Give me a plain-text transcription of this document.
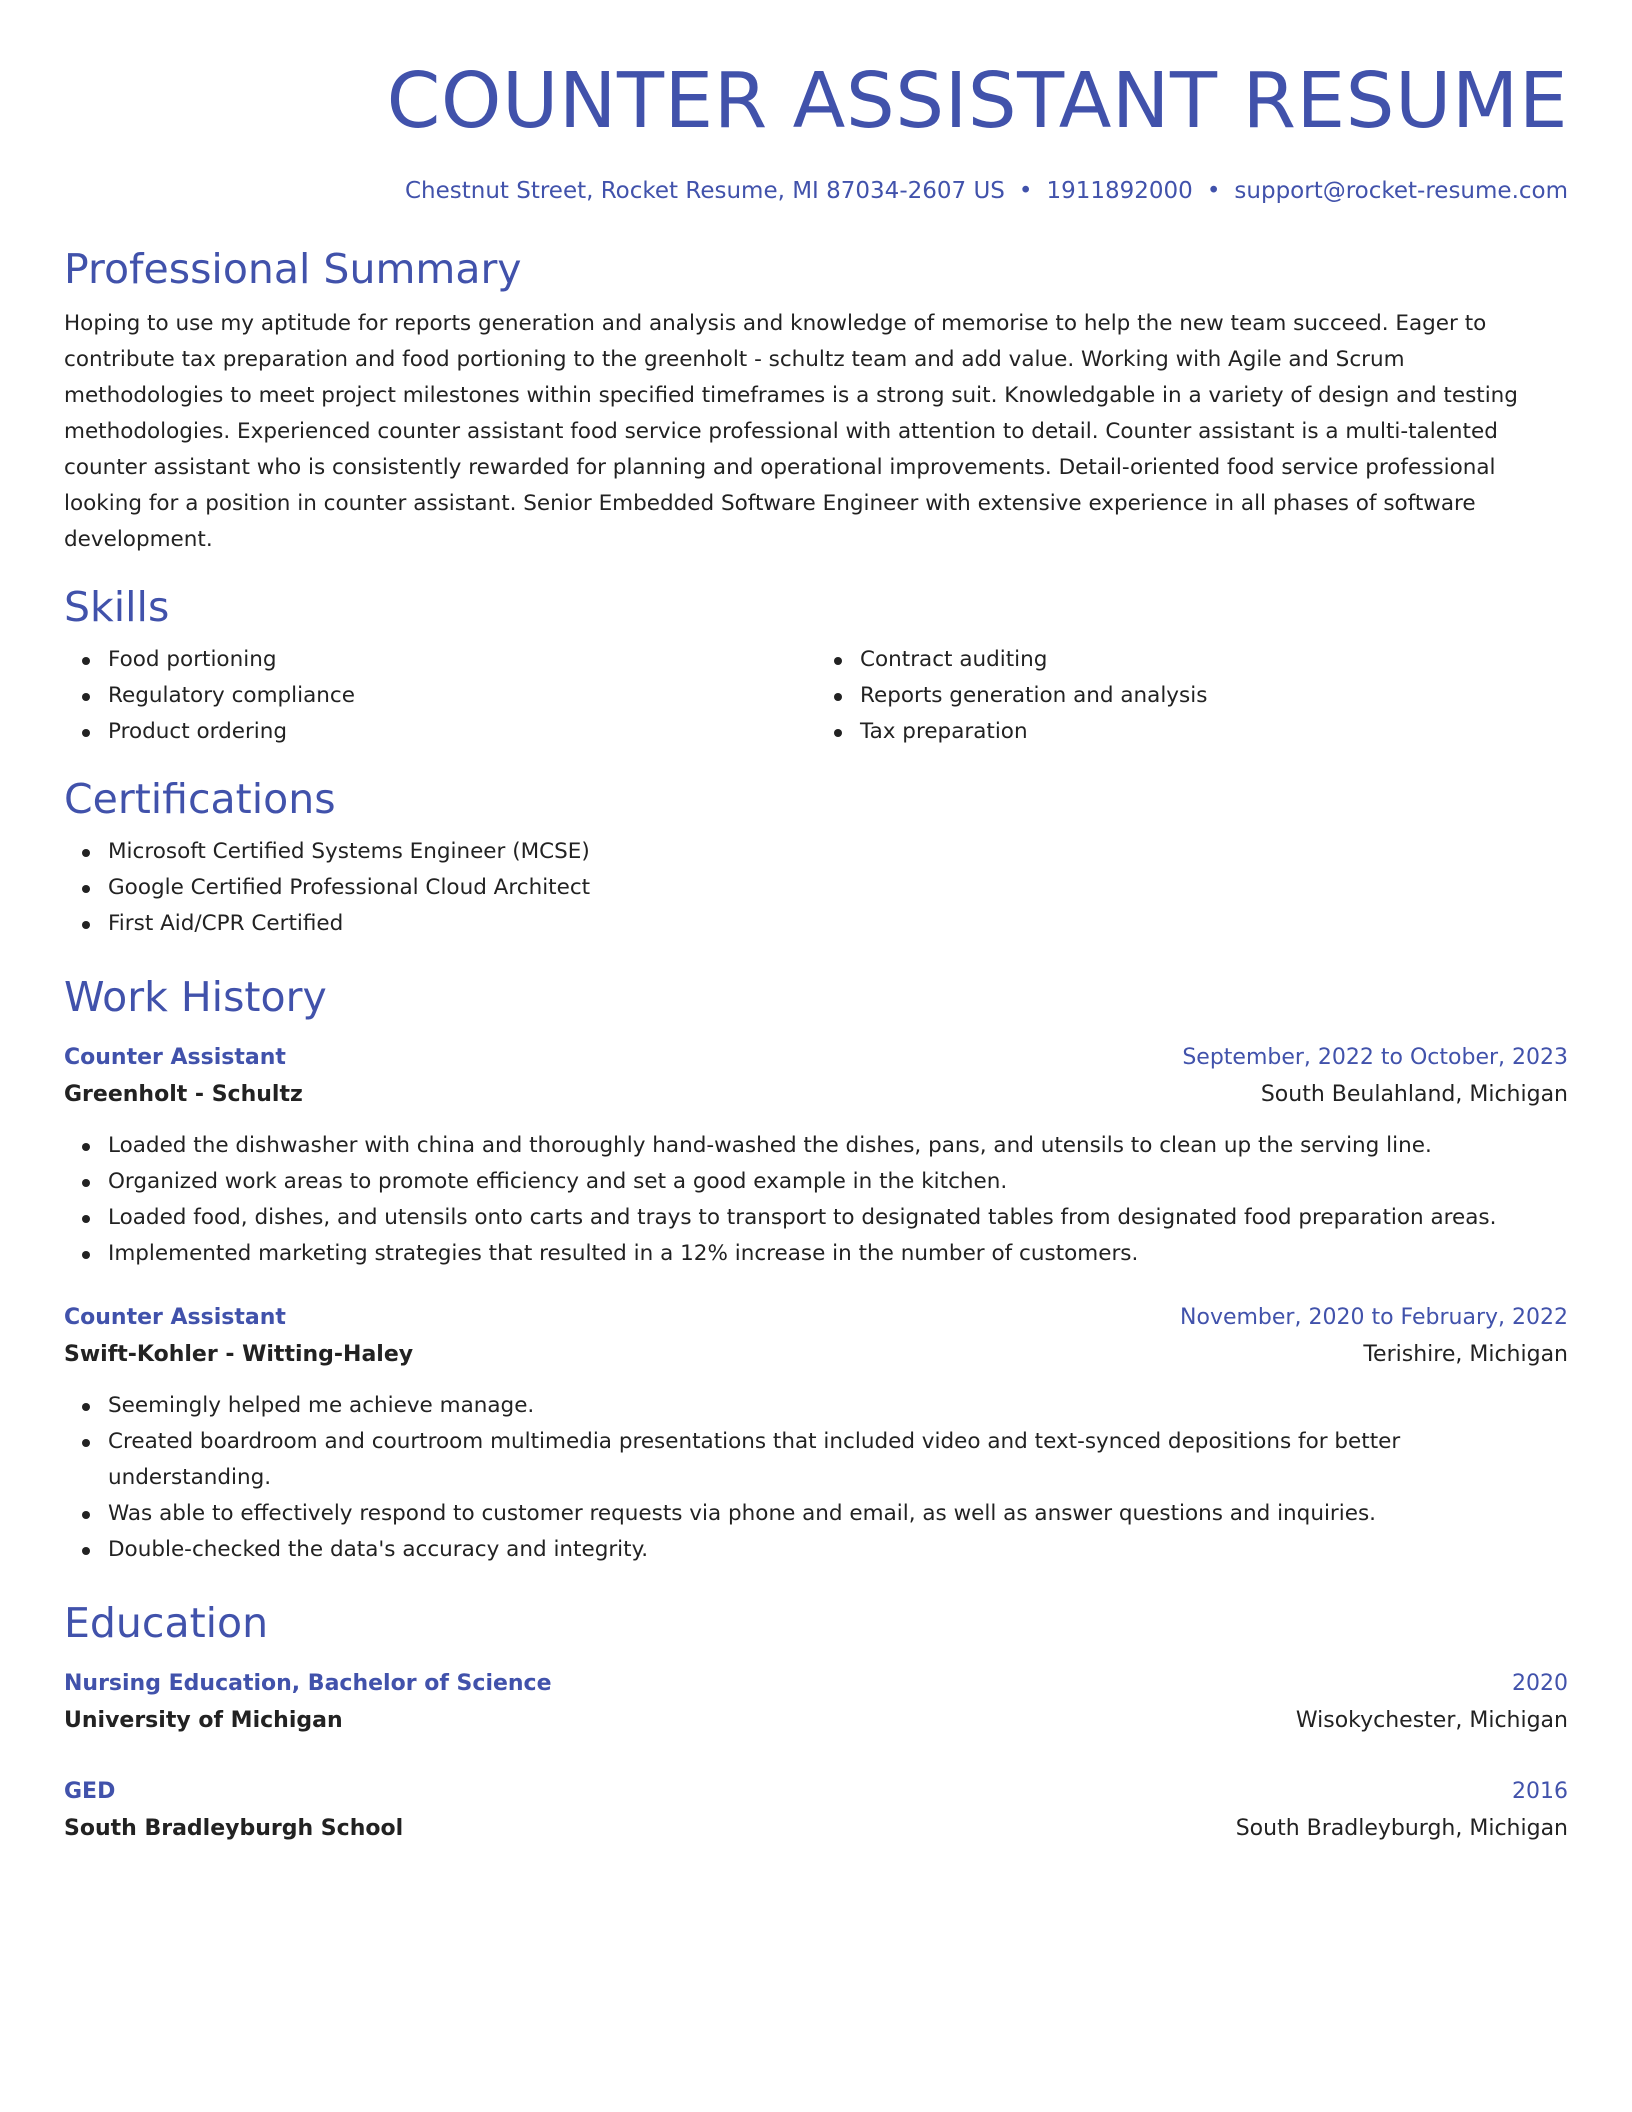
COUNTER ASSISTANT RESUME
Chestnut Street, Rocket Resume, MI 87034-2607 US • 1911892000 • support@rocket-resume.com
Professional Summary

Hoping to use my aptitude for reports generation and analysis and knowledge of memorise to help the new team succeed. Eager to contribute tax preparation and food portioning to the greenholt - schultz team and add value. Working with Agile and Scrum methodologies to meet project milestones within specified timeframes is a strong suit. Knowledgable in a variety of design and testing methodologies. Experienced counter assistant food service professional with attention to detail. Counter assistant is a multi-talented counter assistant who is consistently rewarded for planning and operational improvements. Detail-oriented food service professional looking for a position in counter assistant. Senior Embedded Software Engineer with extensive experience in all phases of software development.

Skills
Food portioning
Regulatory compliance
Product ordering
Contract auditing
Reports generation and analysis
Tax preparation
Certifications
Microsoft Certified Systems Engineer (MCSE)
Google Certified Professional Cloud Architect
First Aid/CPR Certified
Work History
Counter Assistant	September, 2022 to October, 2023
Greenholt - Schultz	South Beulahland, Michigan
Loaded the dishwasher with china and thoroughly hand-washed the dishes, pans, and utensils to clean up the serving line.
Organized work areas to promote efficiency and set a good example in the kitchen.
Loaded food, dishes, and utensils onto carts and trays to transport to designated tables from designated food preparation areas.
Implemented marketing strategies that resulted in a 12% increase in the number of customers.
Counter Assistant	November, 2020 to February, 2022
Swift-Kohler - Witting-Haley	Terishire, Michigan
Seemingly helped me achieve manage.
Created boardroom and courtroom multimedia presentations that included video and text-synced depositions for better understanding.
Was able to effectively respond to customer requests via phone and email, as well as answer questions and inquiries.
Double-checked the data's accuracy and integrity.
Education
Nursing Education, Bachelor of Science	2020
University of Michigan	Wisokychester, Michigan
GED	2016
South Bradleyburgh School	South Bradleyburgh, Michigan
